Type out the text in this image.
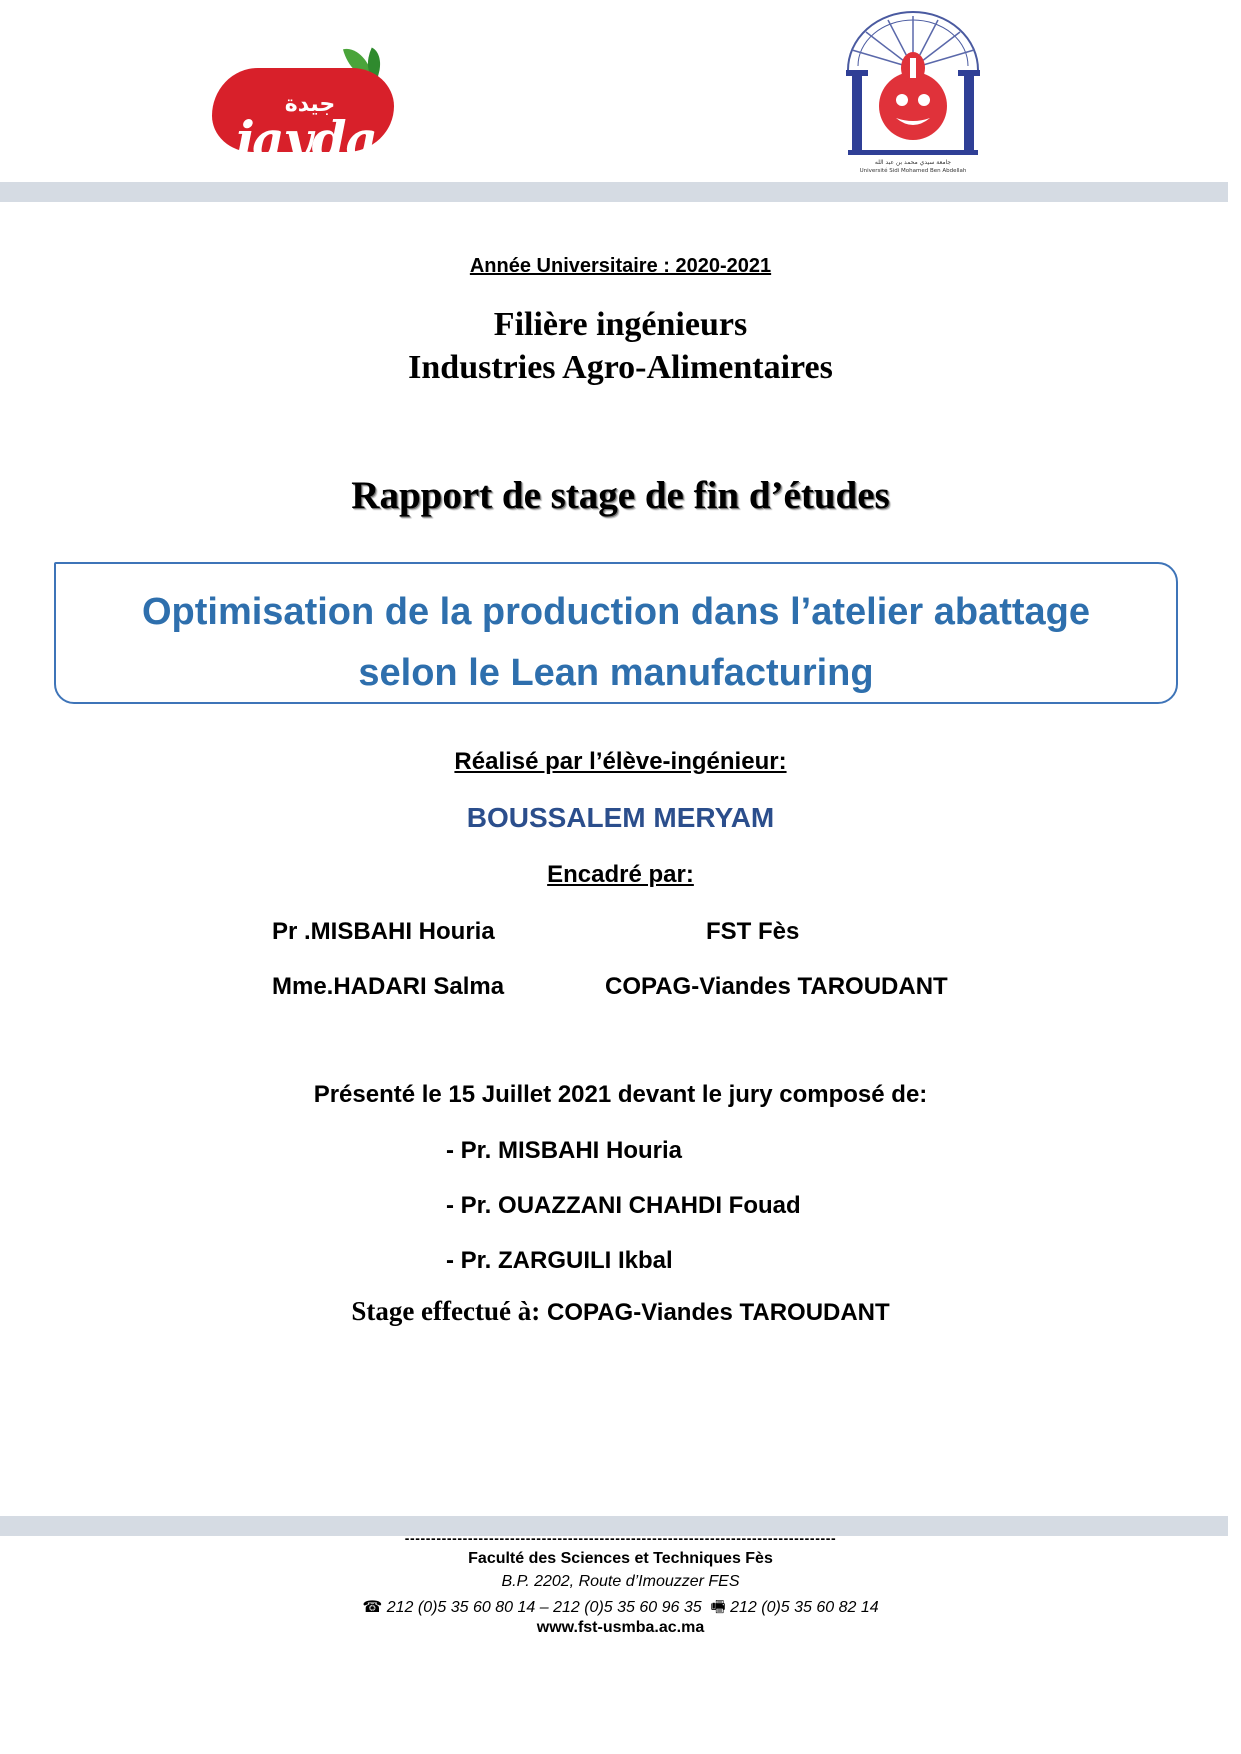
جيدة
jayda	جامعة سيدي محمد بن عبد الله
Université Sidi Mohamed Ben Abdellah
Année Universitaire : 2020-2021
Filière ingénieurs
Industries Agro-Alimentaires
Rapport de stage de fin d’études
Optimisation de la production dans l’atelier abattage
selon le Lean manufacturing
Réalisé par l’élève-ingénieur:
BOUSSALEM MERYAM
Encadré par:
Pr .MISBAHI Houria	FST Fès
Mme.HADARI Salma	COPAG-Viandes TAROUDANT
Présenté le 15 Juillet 2021 devant le jury composé de:
- Pr. MISBAHI Houria
- Pr. OUAZZANI CHAHDI Fouad
- Pr. ZARGUILI Ikbal
Stage effectué à: COPAG-Viandes TAROUDANT
----------------------------------------------------------------------------------
Faculté des Sciences et Techniques Fès
B.P. 2202, Route d’Imouzzer FES
☎ 212 (0)5 35 60 80 14 – 212 (0)5 35 60 96 35 🖷 212 (0)5 35 60 82 14
www.fst-usmba.ac.ma
